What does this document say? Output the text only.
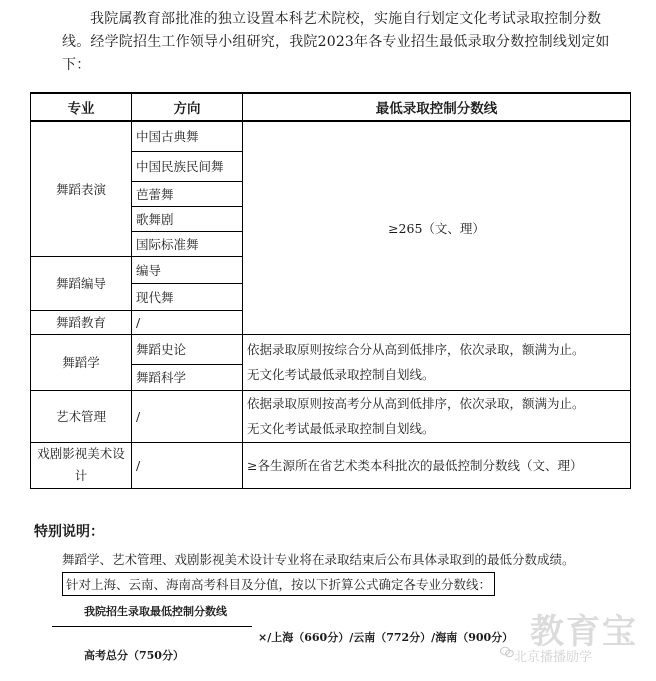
我院属教育部批准的独立设置本科艺术院校，实施自行划定文化考试录取控制分数线。经学院招生工作领导小组研究，我院2023年各专业招生最低录取分数控制线划定如下：
专业	方向	最低录取控制分数线
舞蹈表演	中国古典舞	≥265（文、理）
	中国民族民间舞	
	芭蕾舞	
	歌舞剧	
	国际标准舞	
舞蹈编导	编导	
	现代舞	
舞蹈教育	/	
舞蹈学	舞蹈史论	依据录取原则按综合分从高到低排序，依次录取，额满为止。
无文化考试最低录取控制自划线。

	舞蹈科学	
艺术管理	/	依据录取原则按高考分从高到低排序，依次录取，额满为止。
无文化考试最低录取控制自划线。

戏剧影视美术设计	/	≥各生源所在省艺术类本科批次的最低控制分数线（文、理）
特别说明：
舞蹈学、艺术管理、戏剧影视美术设计专业将在录取结束后公布具体录取到的最低分数成绩。
针对上海、云南、海南高考科目及分值，按以下折算公式确定各专业分数线：
我院招生录取最低控制分数线
×/上海（660分）/云南（772分）/海南（900分）
高考总分（750分）
教育宝
北京播播励学
